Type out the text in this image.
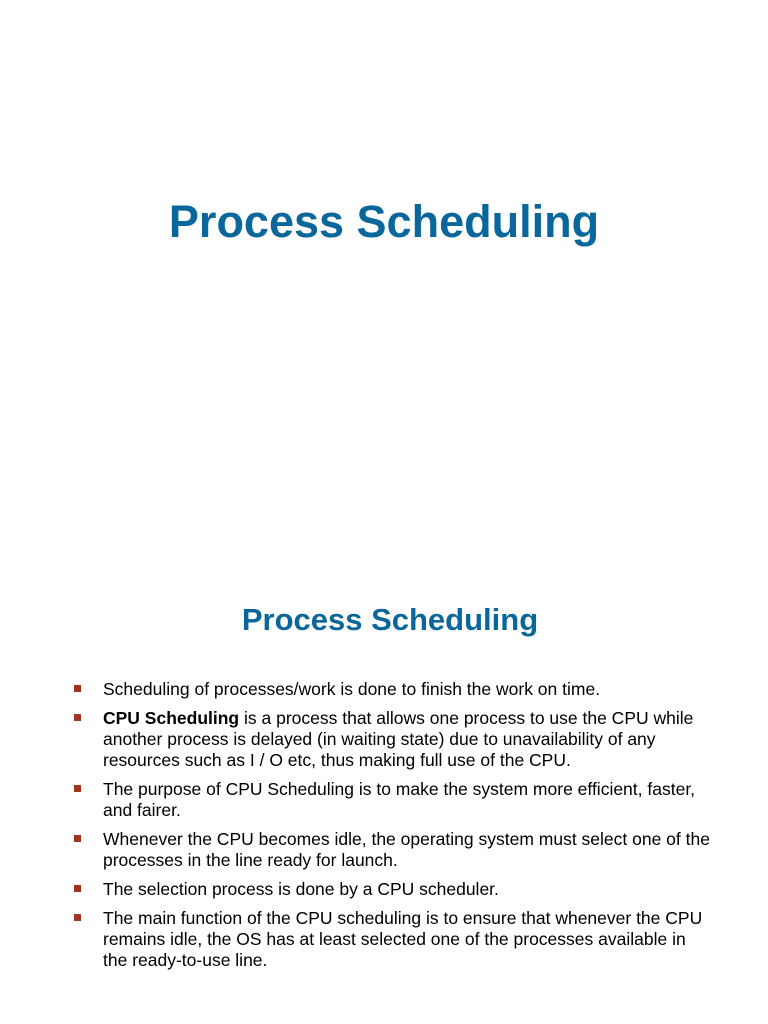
Process Scheduling
Process Scheduling
Scheduling of processes/work is done to finish the work on time.
CPU Scheduling is a process that allows one process to use the CPU while another process is delayed (in waiting state) due to unavailability of any resources such as I / O etc, thus making full use of the CPU.
The purpose of CPU Scheduling is to make the system more efficient, faster, and fairer.
Whenever the CPU becomes idle, the operating system must select one of the processes in the line ready for launch.
The selection process is done by a CPU scheduler.
The main function of the CPU scheduling is to ensure that whenever the CPU remains idle, the OS has at least selected one of the processes available in the ready-to-use line.
